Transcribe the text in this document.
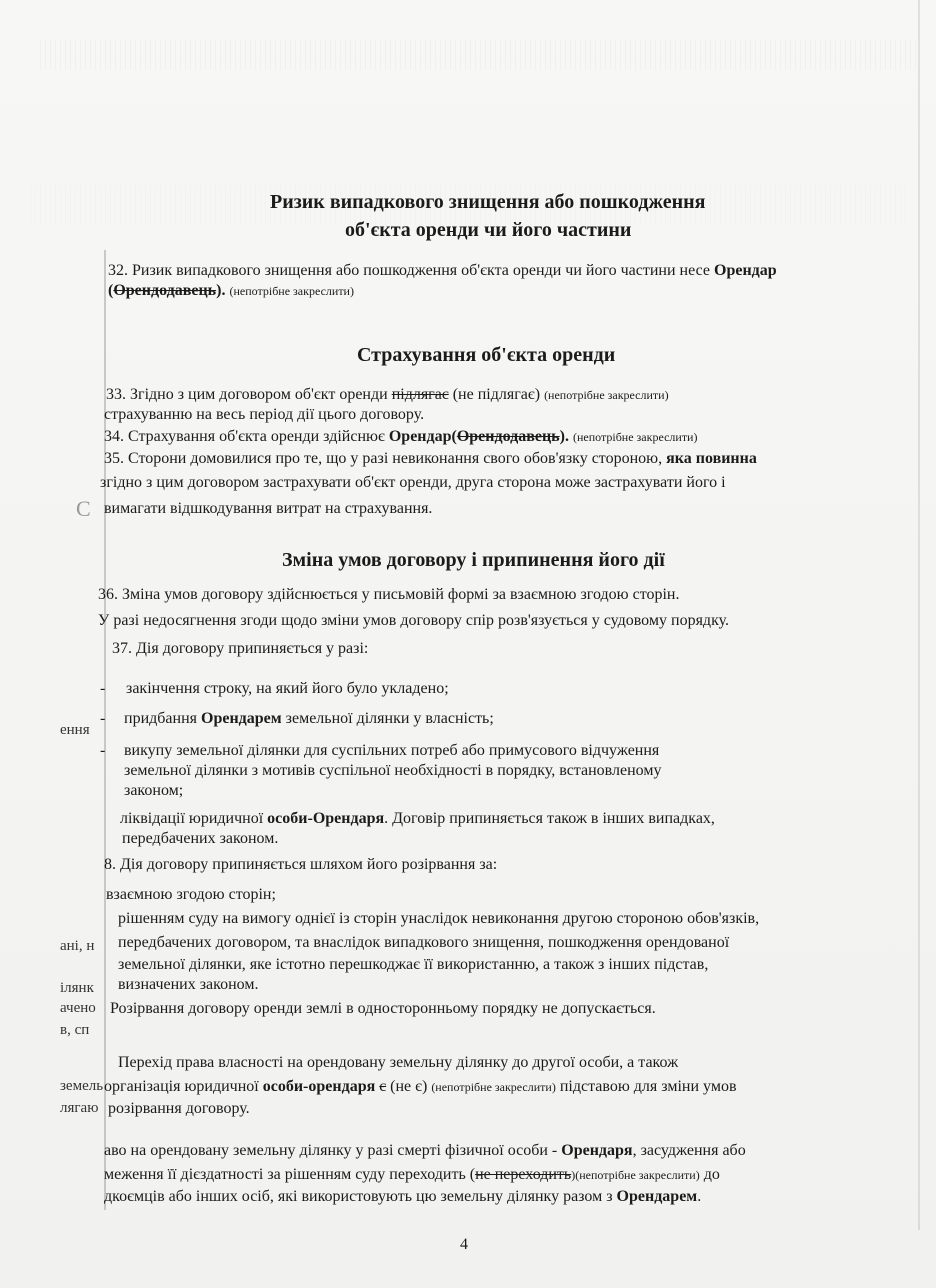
Ризик випадкового знищення або пошкодження
об'єкта оренди чи його частини
32. Ризик випадкового знищення або пошкодження об'єкта оренди чи його частини несе Орендар
(Орендодавець). (непотрібне закреслити)
Страхування об'єкта оренди
33. Згідно з цим договором об'єкт оренди підлягає (не підлягає) (непотрібне закреслити)
страхуванню на весь період дії цього договору.
34. Страхування об'єкта оренди здійснює Орендар(Орендодавець). (непотрібне закреслити)
35. Сторони домовилися про те, що у разі невиконання свого обов'язку стороною, яка повинна
згідно з цим договором застрахувати об'єкт оренди, друга сторона може застрахувати його і
вимагати відшкодування витрат на страхування.
Зміна умов договору і припинення його дії
36. Зміна умов договору здійснюється у письмовій формі за взаємною згодою сторін.
У разі недосягнення згоди щодо зміни умов договору спір розв'язується у судовому порядку.
37. Дія договору припиняється у разі:
- закінчення строку, на який його було укладено;
- придбання Орендарем земельної ділянки у власність;
- викупу земельної ділянки для суспільних потреб або примусового відчуження
земельної ділянки з мотивів суспільної необхідності в порядку, встановленому
законом;
ліквідації юридичної особи-Орендаря. Договір припиняється також в інших випадках,
передбачених законом.
8. Дія договору припиняється шляхом його розірвання за:
взаємною згодою сторін;
рішенням суду на вимогу однієї із сторін унаслідок невиконання другою стороною обов'язків,
передбачених договором, та внаслідок випадкового знищення, пошкодження орендованої
земельної ділянки, яке істотно перешкоджає її використанню, а також з інших підстав,
визначених законом.
Розірвання договору оренди землі в односторонньому порядку не допускається.
Перехід права власності на орендовану земельну ділянку до другої особи, а також
організація юридичної особи-орендаря є (не є) (непотрібне закреслити) підставою для зміни умов
розірвання договору.
аво на орендовану земельну ділянку у разі смерті фізичної особи - Орендаря, засудження або
меження її дієздатності за рішенням суду переходить (не переходить)(непотрібне закреслити) до
дкоємців або інших осіб, які використовують цю земельну ділянку разом з Орендарем.
ення
ані, н
ілянк
ачено
в, сп
земель
лягаю
С
4
